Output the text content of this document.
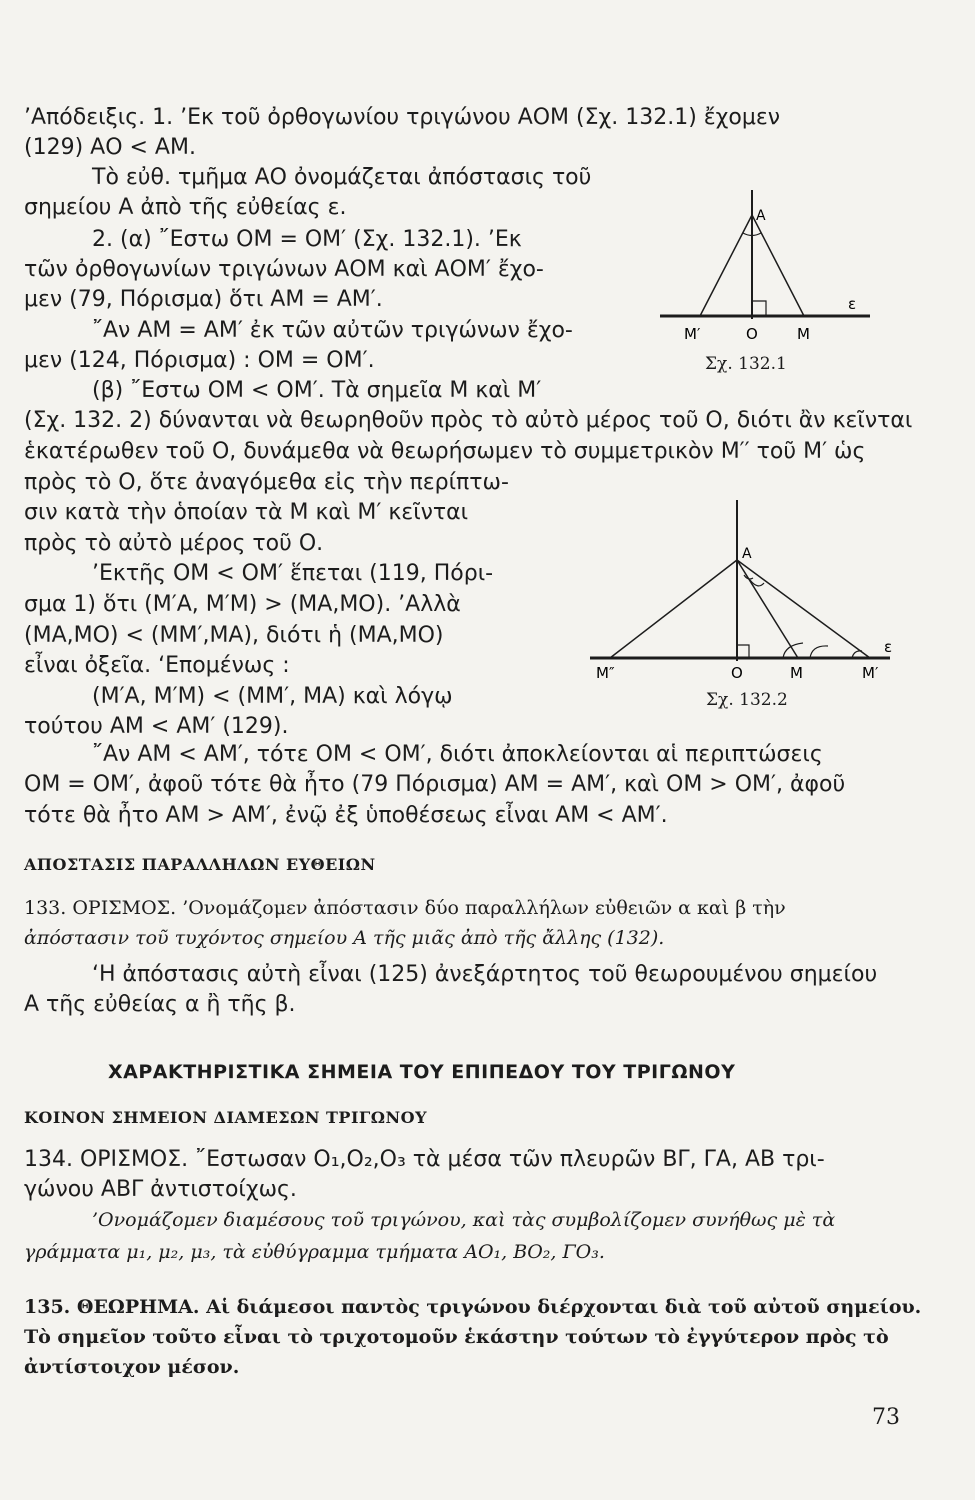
’Απόδειξις. 1. ’Εκ τοῦ ὀρθογωνίου τριγώνου ΑΟΜ (Σχ. 132.1) ἔχομεν
(129) ΑΟ < ΑΜ.
Τὸ εὐθ. τμῆμα ΑΟ ὀνομάζεται ἀπόστασις τοῦ
σημείου Α ἀπὸ τῆς εὐθείας ε.
2. (α) ῎Εστω ΟΜ = ΟΜ′ (Σχ. 132.1). ’Εκ
τῶν ὀρθογωνίων τριγώνων ΑΟΜ καὶ ΑΟΜ′ ἔχο-
μεν (79, Πόρισμα) ὅτι ΑΜ = ΑΜ′.
῎Αν ΑΜ = ΑΜ′ ἐκ τῶν αὐτῶν τριγώνων ἔχο-
μεν (124, Πόρισμα) : ΟΜ = ΟΜ′.
(β) ῎Εστω ΟΜ < ΟΜ′. Τὰ σημεῖα Μ καὶ Μ′
(Σχ. 132. 2) δύνανται νὰ θεωρηθοῦν πρὸς τὸ αὐτὸ μέρος τοῦ Ο, διότι ἂν κεῖνται
ἑκατέρωθεν τοῦ Ο, δυνάμεθα νὰ θεωρήσωμεν τὸ συμμετρικὸν Μ′′ τοῦ Μ′ ὡς
πρὸς τὸ Ο, ὅτε ἀναγόμεθα εἰς τὴν περίπτω-
σιν κατὰ τὴν ὁποίαν τὰ Μ καὶ Μ′ κεῖνται
πρὸς τὸ αὐτὸ μέρος τοῦ Ο.
’Εκτῆς ΟΜ < ΟΜ′ ἕπεται (119, Πόρι-
σμα 1) ὅτι (Μ′Α, Μ′Μ) > (ΜΑ,ΜΟ). ’Αλλὰ
(ΜΑ,ΜΟ) < (ΜΜ′,ΜΑ), διότι ἡ (ΜΑ,ΜΟ)
εἶναι ὀξεῖα. ‘Επομένως :
(Μ′Α, Μ′Μ) < (ΜΜ′, ΜΑ) καὶ λόγῳ
τούτου ΑΜ < ΑΜ′ (129).
῎Αν ΑΜ < ΑΜ′, τότε ΟΜ < ΟΜ′, διότι ἀποκλείονται αἱ περιπτώσεις
ΟΜ = ΟΜ′, ἀφοῦ τότε θὰ ἦτο (79 Πόρισμα) ΑΜ = ΑΜ′, καὶ ΟΜ > ΟΜ′, ἀφοῦ
τότε θὰ ἦτο ΑΜ > ΑΜ′, ἐνῷ ἐξ ὑποθέσεως εἶναι ΑΜ < ΑΜ′.
ΑΠΟΣΤΑΣΙΣ ΠΑΡΑΛΛΗΛΩΝ ΕΥΘΕΙΩΝ
133. ΟΡΙΣΜΟΣ. ’Ονομάζομεν ἀπόστασιν δύο παραλλήλων εὐθειῶν α καὶ β τὴν
ἀπόστασιν τοῦ τυχόντος σημείου Α τῆς μιᾶς ἀπὸ τῆς ἄλλης (132).
‘Η ἀπόστασις αὐτὴ εἶναι (125) ἀνεξάρτητος τοῦ θεωρουμένου σημείου
Α τῆς εὐθείας α ἢ τῆς β.
ΧΑΡΑΚΤΗΡΙΣΤΙΚΑ ΣΗΜΕΙΑ ΤΟΥ ΕΠΙΠΕΔΟΥ ΤΟΥ ΤΡΙΓΩΝΟΥ
ΚΟΙΝΟΝ ΣΗΜΕΙΟΝ ΔΙΑΜΕΣΩΝ ΤΡΙΓΩΝΟΥ
134. ΟΡΙΣΜΟΣ. ῎Εστωσαν Ο₁,Ο₂,Ο₃ τὰ μέσα τῶν πλευρῶν ΒΓ, ΓΑ, ΑΒ τρι-
γώνου ΑΒΓ ἀντιστοίχως.
’Ονομάζομεν διαμέσους τοῦ τριγώνου, καὶ τὰς συμβολίζομεν συνήθως μὲ τὰ
γράμματα μ₁, μ₂, μ₃, τὰ εὐθύγραμμα τμήματα ΑΟ₁, ΒΟ₂, ΓΟ₃.
135. ΘΕΩΡΗΜΑ. Αἱ διάμεσοι παντὸς τριγώνου διέρχονται διὰ τοῦ αὐτοῦ σημείου.
Τὸ σημεῖον τοῦτο εἶναι τὸ τριχοτομοῦν ἑκάστην τούτων τὸ ἐγγύτερον πρὸς τὸ
ἀντίστοιχον μέσον.
Α
ε
Μ′	Ο	Μ
Σχ. 132.1
Α
ε
Μ″	Ο	Μ	Μ′
Σχ. 132.2
73
